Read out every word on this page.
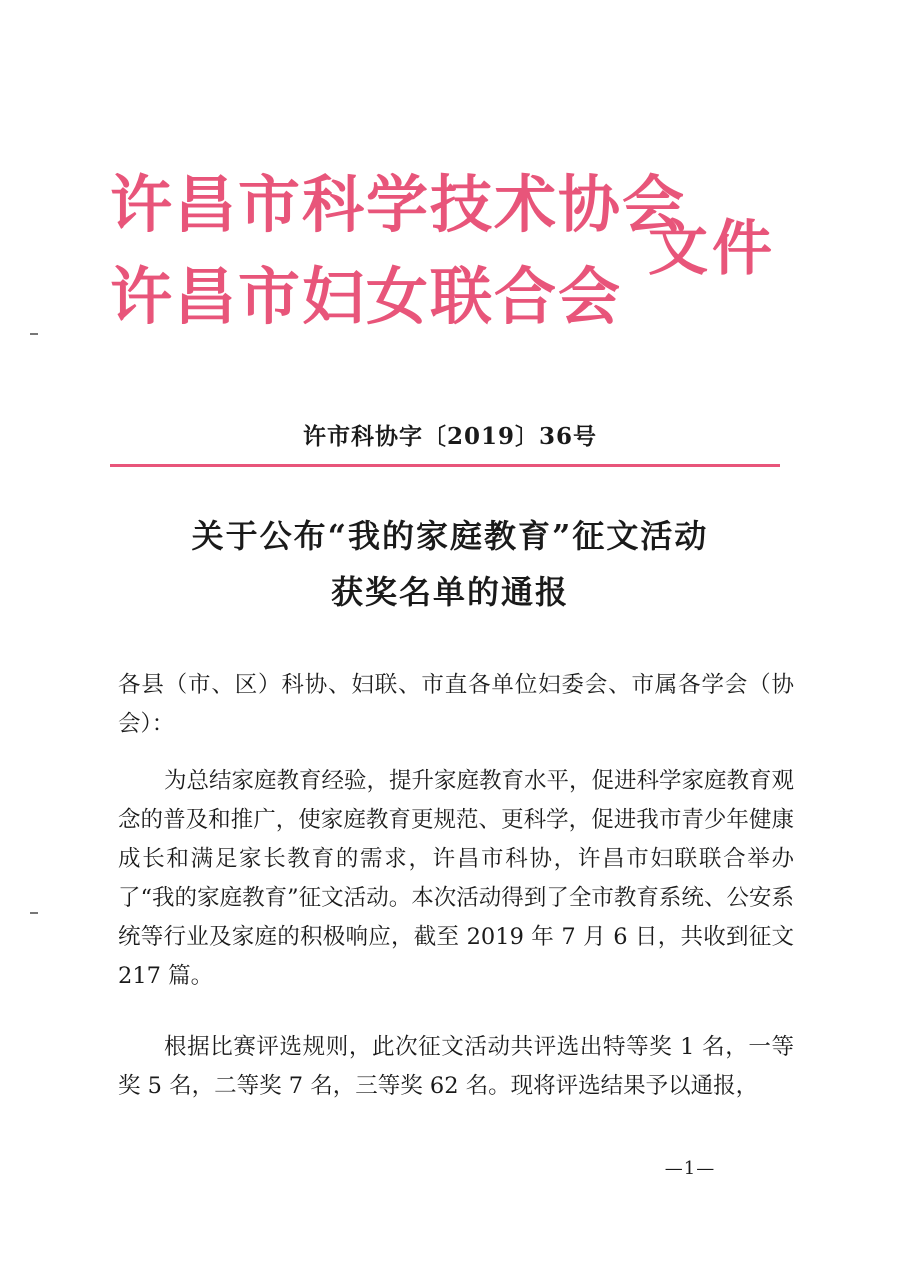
许昌市科学技术协会
许昌市妇女联合会
文件
许市科协字〔2019〕36号
关于公布“我的家庭教育”征文活动
获奖名单的通报
各县（市、区）科协、妇联、市直各单位妇委会、市属各学会（协会）：
为总结家庭教育经验，提升家庭教育水平，促进科学家庭教育观念的普及和推广，使家庭教育更规范、更科学，促进我市青少年健康成长和满足家长教育的需求，许昌市科协，许昌市妇联联合举办了“我的家庭教育”征文活动。本次活动得到了全市教育系统、公安系统等行业及家庭的积极响应，截至 2019 年 7 月 6 日，共收到征文 217 篇。
根据比赛评选规则，此次征文活动共评选出特等奖 1 名，一等奖 5 名，二等奖 7 名，三等奖 62 名。现将评选结果予以通报，
—1—
